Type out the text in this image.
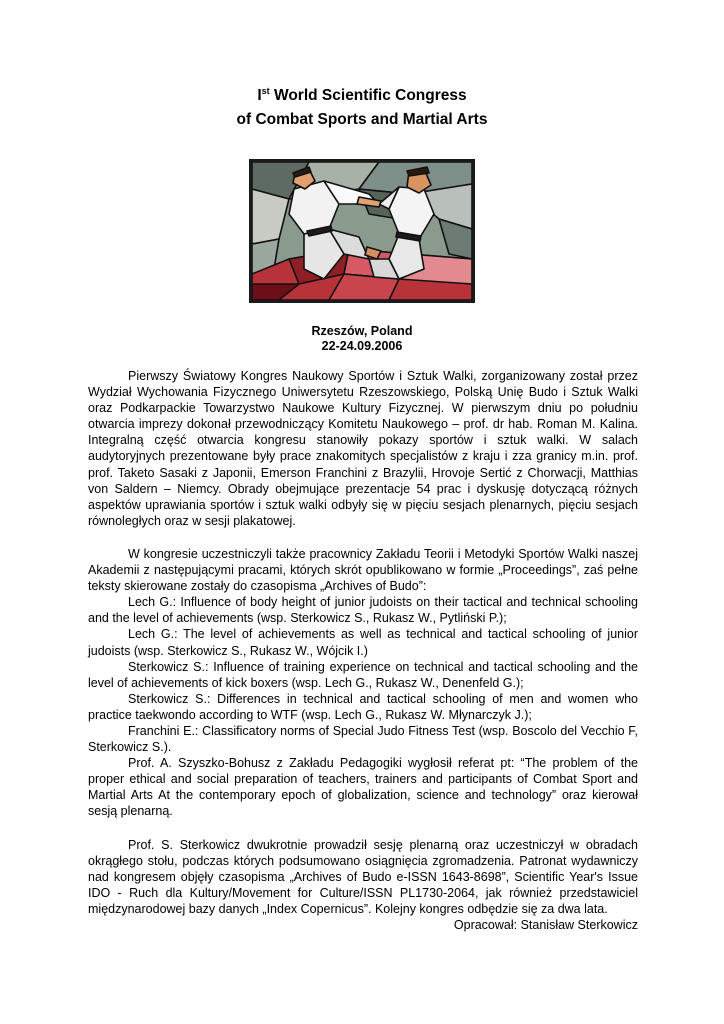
Ist World Scientific Congress
of Combat Sports and Martial Arts
Rzeszów, Poland
22-24.09.2006

Pierwszy Światowy Kongres Naukowy Sportów i Sztuk Walki, zorganizowany został przez Wydział Wychowania Fizycznego Uniwersytetu Rzeszowskiego, Polską Unię Budo i Sztuk Walki oraz Podkarpackie Towarzystwo Naukowe Kultury Fizycznej. W pierwszym dniu po południu otwarcia imprezy dokonał przewodniczący Komitetu Naukowego – prof. dr hab. Roman M. Kalina. Integralną część otwarcia kongresu stanowiły pokazy sportów i sztuk walki. W salach audytoryjnych prezentowane były prace znakomitych specjalistów z kraju i zza granicy m.in. prof. prof. Taketo Sasaki z Japonii, Emerson Franchini z Brazylii, Hrovoje Sertić z Chorwacji, Matthias von Saldern – Niemcy. Obrady obejmujące prezentacje 54 prac i dyskusję dotyczącą różnych aspektów uprawiania sportów i sztuk walki odbyły się w pięciu sesjach plenarnych, pięciu sesjach równoległych oraz w sesji plakatowej.

W kongresie uczestniczyli także pracownicy Zakładu Teorii i Metodyki Sportów Walki naszej Akademii z następującymi pracami, których skrót opublikowano w formie „Proceedings”, zaś pełne teksty skierowane zostały do czasopisma „Archives of Budo”:

Lech G.: Influence of body height of junior judoists on their tactical and technical schooling and the level of achievements (wsp. Sterkowicz S., Rukasz W., Pytliński P.);

Lech G.: The level of achievements as well as technical and tactical schooling of junior judoists (wsp. Sterkowicz S., Rukasz W., Wójcik I.)

Sterkowicz S.: Influence of training experience on technical and tactical schooling and the level of achievements of kick boxers (wsp. Lech G., Rukasz W., Denenfeld G.);

Sterkowicz S.: Differences in technical and tactical schooling of men and women who practice taekwondo according to WTF (wsp. Lech G., Rukasz W. Młynarczyk J.);

Franchini E.: Classificatory norms of Special Judo Fitness Test (wsp. Boscolo del Vecchio F, Sterkowicz S.).

Prof. A. Szyszko-Bohusz z Zakładu Pedagogiki wygłosił referat pt: “The problem of the proper ethical and social preparation of teachers, trainers and participants of Combat Sport and Martial Arts At the contemporary epoch of globalization, science and technology” oraz kierował sesją plenarną.

Prof. S. Sterkowicz dwukrotnie prowadził sesję plenarną oraz uczestniczył w obradach okrągłego stołu, podczas których podsumowano osiągnięcia zgromadzenia. Patronat wydawniczy nad kongresem objęły czasopisma „Archives of Budo e-ISSN 1643-8698”, Scientific Year's Issue IDO - Ruch dla Kultury/Movement for Culture/ISSN PL1730-2064, jak również przedstawiciel międzynarodowej bazy danych „Index Copernicus”. Kolejny kongres odbędzie się za dwa lata.

Opracował: Stanisław Sterkowicz
